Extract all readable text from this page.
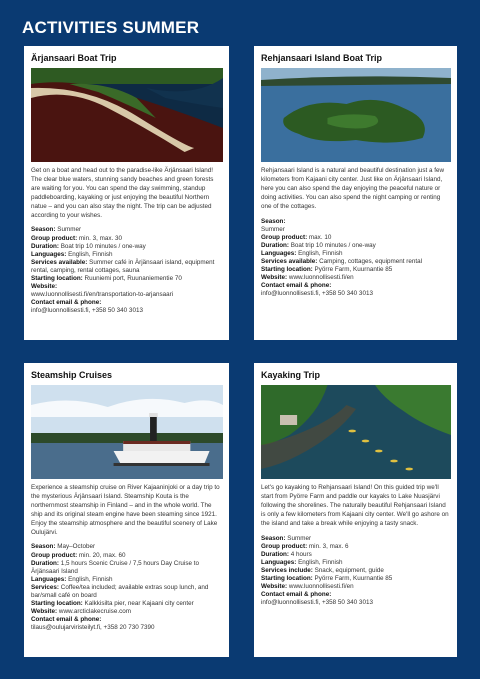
ACTIVITIES SUMMER
Ärjansaari Boat Trip
Get on a boat and head out to the paradise-like Ärjänsaari Island! The clear blue waters, stunning sandy beaches and green forests are waiting for you. You can spend the day swimming, standup paddleboarding, kayaking or just enjoying the beautiful Northern natue – and you can also stay the night. The trip can be adjusted according to your wishes.
Season: Summer
Group product: min. 3, max. 30
Duration: Boat trip 10 minutes / one-way
Languages: English, Finnish
Services available: Summer café in Ärjänsaari island, equipment rental, camping, rental cottages, sauna
Starting location: Ruuniemi port, Ruunaniementie 70
Website:
www.luonnollisesti.fi/en/transportation-to-arjansaari
Contact email & phone:
info@luonnollisesti.fi, +358 50 340 3013
Rehjansaari Island Boat Trip
Rehjansaari Island is a natural and beautiful destination just a few kilometers from Kajaani city center. Just like on Ärjänsaari Island, here you can also spend the day enjoying the peaceful nature or doing activities. You can also spend the night camping or renting one of the cottages.
Season:
Summer
Group product: max. 10
Duration: Boat trip 10 minutes / one-way
Languages: English, Finnish
Services available: Camping, cottages, equipment rental
Starting location: Pyörre Farm, Kuurnantie 85
Website: www.luonnollisesti.fi/en
Contact email & phone:
info@luonnollisesti.fi, +358 50 340 3013
Steamship Cruises
Experience a steamship cruise on River Kajaaninjoki or a day trip to the mysterious Ärjänsaari Island. Steamship Kouta is the northernmost steamship in Finland – and in the whole world. The ship and its original steam engine have been steaming since 1921. Enjoy the steamship atmosphere and the beautiful scenery of Lake Oulujärvi.
Season: May–October
Group product: min. 20, max. 60
Duration: 1,5 hours Scenic Cruise / 7,5 hours Day Cruise to Ärjänsaari Island
Languages: English, Finnish
Services: Coffee/tea included; available extras soup lunch, and bar/small café on board
Starting location: Kalkkisilta pier, near Kajaani city center
Website: www.arcticlakecruise.com
Contact email & phone:
tilaus@oulujarviristeilyt.fi, +358 20 730 7390
Kayaking Trip
Let's go kayaking to Rehjansaari Island! On this guided trip we'll start from Pyörre Farm and paddle our kayaks to Lake Nuasjärvi following the shorelines. The naturally beautiful Rehjansaari Island is only a few kilometers from Kajaani city center. We'll go ashore on the island and take a break while enjoying a tasty snack.
Season: Summer
Group product: min. 3, max. 6
Duration: 4 hours
Languages: English, Finnish
Services include: Snack, equipment, guide
Starting location: Pyörre Farm, Kuurnantie 85
Website: www.luonnollisesti.fi/en
Contact email & phone:
info@luonnollisesti.fi, +358 50 340 3013
